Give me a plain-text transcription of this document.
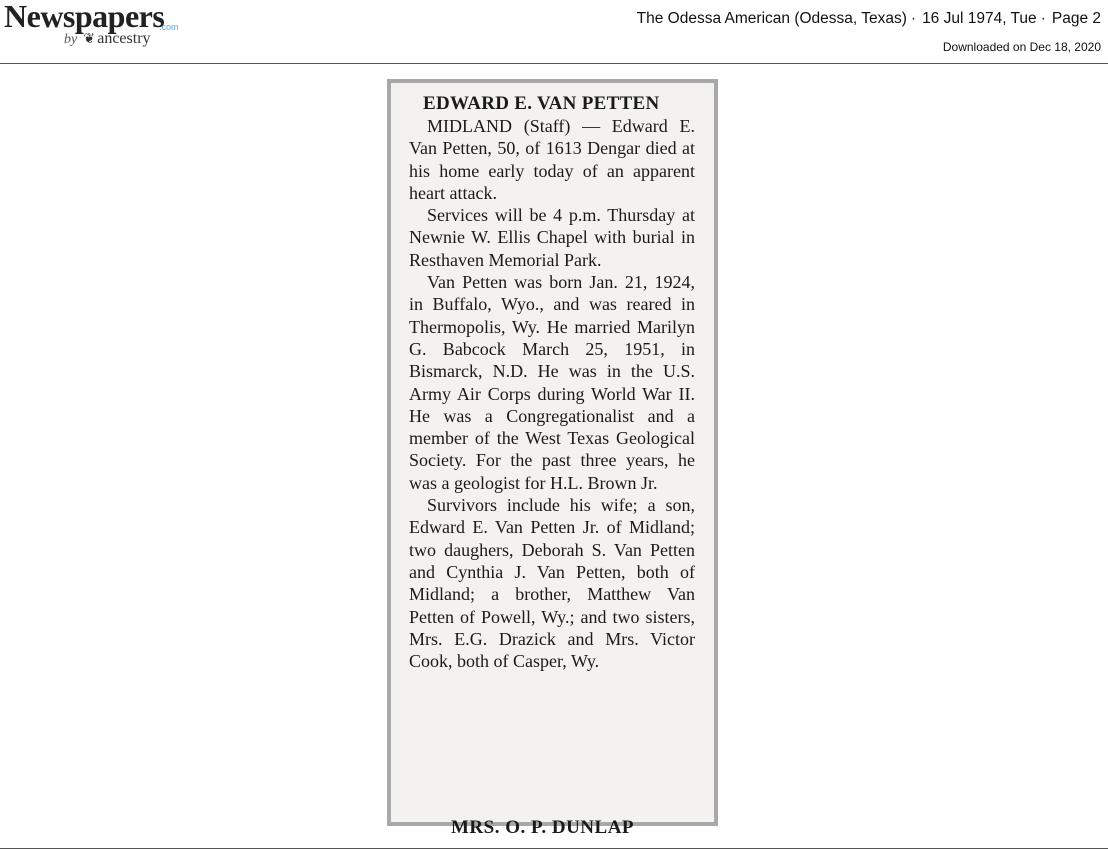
Newspapers
.com
by ❦ ancestry
The Odessa American (Odessa, Texas) · 16 Jul 1974, Tue · Page 2
Downloaded on Dec 18, 2020
EDWARD E. VAN PETTEN

MIDLAND (Staff) — Edward E. Van Petten, 50, of 1613 Dengar died at his home early today of an apparent heart attack.

Services will be 4 p.m. Thursday at Newnie W. Ellis Chapel with burial in Resthaven Memorial Park.

Van Petten was born Jan. 21, 1924, in Buffalo, Wyo., and was reared in Thermopolis, Wy. He married Marilyn G. Babcock March 25, 1951, in Bismarck, N.D. He was in the U.S. Army Air Corps during World War II. He was a Congregationalist and a member of the West Texas Geological Society. For the past three years, he was a geologist for H.L. Brown Jr.

Survivors include his wife; a son, Edward E. Van Petten Jr. of Midland; two daughers, Deborah S. Van Petten and Cynthia J. Van Petten, both of Midland; a brother, Matthew Van Petten of Powell, Wy.; and two sisters, Mrs. E.G. Drazick and Mrs. Victor Cook, both of Casper, Wy.

MRS. O. P. DUNLAP
